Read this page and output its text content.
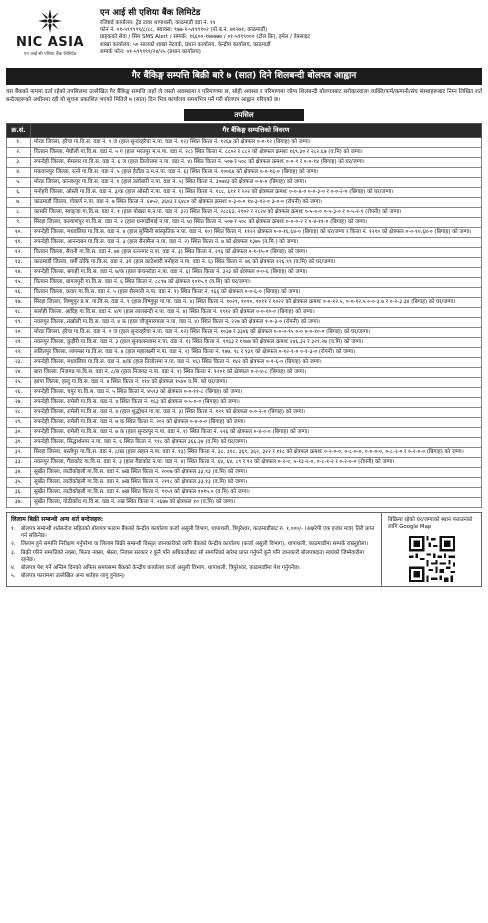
NIC ASIA
एन आई सी एशिया बैंक लिमिटेड
एन आई सी एशिया बैंक लिमिटेड
रजिष्टर्ड कार्यालय: ट्रेड टावर थापाथली, काठमाडौं वडा नं. ११
फोन नं. ०१-५९९९९९/८/८८, फ्याक्स: ९७७-१-५१९९१०२ (पो.ब.नं. ७१२७१, काठमाडौं)
ग्राहकको सेवा / सिम SMS Alert / सम्पर्क: १६६००-१७७७७७ / ०१-५११९००० (टोल फ्रि), इमेल / वेबसाइट
शाखा कार्यालय: ५० सालको शाखा नेटवर्क, प्रधान कार्यालय, केन्द्रीय कार्यालय, काठमाडौं
सम्पर्क फोन: ०१-५९९९९९/२४/२५ (प्रधान कार्यालय)
गैर बैंकिङ्ग सम्पत्ति बिक्री बारे ७ (सात) दिने शिलबन्दी बोलपत्र आह्वान

यस बैंकको नाममा दर्ता रहेको तपसिलमा उल्लेखित गैर बैंकिङ्ग सम्पत्ति जहाँ जे जस्तो अवस्थामा र परिमाणमा छ, सोही अवस्था र परिमाणमा जोग्य शिलबन्दी बोलपत्रबाट सरोकारवाला व्यक्ति/फर्म/कम्पनी/संघ संस्थाहरूबाट निम्न लिखित शर्त बन्देजहरूको अधीनमा रही यो सूचना प्रकाशित भएको मितिले ७ (सात) दिन भित्र कार्यालय समयभित्र पर्ने गरी बोलपत्र आह्वान गरिएको छ।

तपसिल
क्र.सं.	गैर बैंकिङ्ग सम्पत्तिको विवरण
१.	मोरङ जिल्ला, हरैचा गा.वि.स. वडा नं. ९ ज (हाल सुन्दरहरैचा न.पा. वडा नं. १२) स्थित कित्ता नं. १२६४ को क्षेत्रफल ०-०-१२ (बिगाह) को जग्गा।
२.	चितवन जिल्ला, मेघौली गा.वि.स. वडा नं. ५ ग (हाल भरतपुर म.न.पा. वडा नं. २८) स्थित कित्ता नं. ८८०२ र ८८२ को क्षेत्रफल क्रमशः १६९.३० र २८२.६७ (व.मि) को जग्गा।
३.	रुपन्देही जिल्ला, सेमलार गा.वि.स. वडा नं. ६ ज (हाल तिलोत्तमा न.पा. वडा नं. ४) स्थित कित्ता नं. ५०७ र ५०८ को क्षेत्रफल क्रमशः ०-०-९ र ०-०-१४ (बिगाह) को घर/जग्गा।
४.	मकवानपुर जिल्ला, रत्नो गा.वि.स. वडा नं. ५ (हाल हेटौंडा उ.म.न.पा. वडा नं. ६) स्थित कित्ता नं. १००६४ को क्षेत्रफल ०-०-१६-० (बिगाह) को जग्गा।
५.	मोरङ जिल्ला, कानकपुर गा.वि.स. वडा नं. १ (हाल उर्लाबारी न.पा. वडा नं. ५) स्थित कित्ता नं. ३०७४३ को क्षेत्रफल ०-४-० (बिगाह) को जग्गा।
६.	मनोहरी जिल्ला, ओस्ती गा.वि.स. वडा नं. ३/क (हाल ओस्ती न.पा. वडा नं. १) स्थित कित्ता नं. १८८, ६११ र २२२ को क्षेत्रफल क्रमशः ०-०-४-० ०-०-३-० र ०-०-२-० (बिगाह) को घर/जग्गा।
७.	काठमाडौं जिल्ला, गोकर्ण न.पा. वडा नं. ७ स्थित कित्ता नं. ६४५२, ३६४३ र ६४८० को क्षेत्रफल क्रमशः ०-३-०-० १४-३-१२-० ३-०-० (रोपनी) को जग्गा।
८.	कास्की जिल्ला, स्याङ्जा गा.वि.स. वडा नं. १ (हाल पोखरा म.न.पा. वडा नं. ३२) स्थित कित्ता नं. २८८६३, २९०२ र २८२४ को क्षेत्रफल क्रमशः ०-५-०-० ०-५-३-० र ०-५-२-१ (रोपनी) को जग्गा।
९.	सिरहा जिल्ला, कल्याणपुर गा.वि.स. वडा नं. २ (हाल धनगढीमाई न.पा. वडा नं. ७) स्थित कित्ता नं. ५०७ र ५०८ को क्षेत्रफल क्रमशः ०-०-०-२ र ०-४-११-० (बिगाह) को जग्गा।
१०.	रुपन्देही जिल्ला, मधवलिया गा.वि.स. वडा नं. ४ (हाल लुम्बिनी सांस्कृतिक न.पा. वडा नं. १०) स्थित कित्ता नं. ११२२ क्षेत्रफल ०-०-१६.६४-० (बिगाह) को घर/जग्गा र कित्ता नं. १२१० को क्षेत्रफल ०-०-१०.६४-० (बिगाह) को जग्गा।
११.	रुपन्देही जिल्ला, आनन्दबन गा.वि.स. वडा नं. ३ (हाल सैनामैना न.पा. वडा नं. २) स्थित कित्ता नं. ७ को क्षेत्रफल १३७५ (व.मि.) को जग्गा।
१२.	चितवन जिल्ला, सैरानी गा.वि.स. वडा नं. ७४ (हाल रत्ननगर न.पा. वडा नं. ३) स्थित कित्ता नं. २९६ को क्षेत्रफल ०-१-१५-० (बिगाह) को जग्गा।
१३.	काठमाडौं जिल्ला, धर्मी ठोकि गा.वि.स. वडा नं. ३ग (हाल काठेश्वरी मनोहरा न.पा. वडा नं. ६) स्थित कित्ता नं. ७६ को क्षेत्रफल १२६.९९ (व.मि) को घर/जग्गा।
१४.	रुपन्देही जिल्ला, बगाही गा.वि.स. वडा नं. ७/क (हाल कंचनरोडा न.पा. वडा नं. ६) स्थित कित्ता नं. ३२३ को क्षेत्रफल ०-०-६ (बिगाह) को जग्गा।
१५.	चितवन जिल्ला, बागलपुरी गा.वि.स. वडा नं. ६ स्थित कित्ता नं. ८८९७ को क्षेत्रफल १०१५.९ (व.मि) को घर/जग्गा।
१६.	चितवन जिल्ला, कवार गा.वि.स. वडा नं. ५ (हाल सैरमानी न.पा. वडा नं. १) स्थित कित्ता नं. ९६६ को क्षेत्रफल ०-०-६-० (बिगाह) को जग्गा।
१७.	सिरहा जिल्ला, विष्णुपुर प्र.म. गा.वि.स. वडा नं. ९ (हाल विष्णुपुर गा.पा. वडा नं. ४) स्थित कित्ता नं. १०२९, १०९०, १०११ र १०२२ को क्षेत्रफल क्रमशः ०-०-१२.५, ०-०-१२.५ ०-०-३.७ र ०-२-३.३४ (बिगाह) को घर/जग्गा।
१८.	सर्लाही जिल्ला, आदिह गा.वि.स. वडा नं. ४/ग (हाल लालबन्दी न.पा. वडा नं. ४) स्थित कित्ता नं. ९९१२ को क्षेत्रफल ०-०-१०-० (बिगाह) को जग्गा।
१९.	नवलपुर जिल्ला, तंखोली गा.वि.स. वडा नं. ४ क (हाल चौजुमारगाला न.पा. वडा नं. ४) स्थित कित्ता नं. २२७ को क्षेत्रफल १-०-३-० (रोपनी) को जग्गा।
२०.	मोरङ जिल्ला, हरैचा गा.वि.स. वडा नं. ९ ज (हाल सुन्दरहरैचा न.पा. वडा नं. १२) स्थित कित्ता नं. १०३७ र ३३४६ को क्षेत्रफल ०-०-०-९५ ०-० ०-०-१०-० (बिगाह) को घर/जग्गा।
२१.	नवलपुर जिल्ला, कुड़ीरी गा.वि.स. वडा नं. ३ (हाल सुनवलनवास न.पा. वडा नं. १) स्थित कित्ता नं. १९६३ र १९७७ को क्षेत्रफल क्रमशः २४६.३२ र ३२९.२७ (व.मि) को जग्गा।
२२.	ललितपुर जिल्ला, लांगम्बर गा.वि.स. वडा नं. ४ (हाल महालक्ष्मी न.पा. वडा नं. २) स्थित कित्ता नं. ९४७, ९८ र १३१ को क्षेत्रफल ०-१२-१-० ०-१-३-० (रोपनी) को जग्गा।
२३.	रुपन्देही जिल्ला, मधवलिया गा.वि.स. वडा नं. ७/क (हाल तिलोत्तमा न.पा. वडा नं. १६) स्थित कित्ता नं. १४२ को क्षेत्रफल ०-१-६-० (बिगाह) को जग्गा।
२४.	बारा जिल्ला, निजगढ गा.वि.स. वडा नं. ८/स (हाल निजगढ न.पा. वडा नं. १) स्थित कित्ता नं. १२०१ को क्षेत्रफल ०-२-४-८ (बिगाह) को जग्गा।
२५.	झापा जिल्ला, हल्दु गा.वि.स. वडा नं. ४ स्थित कित्ता नं. ९१४ को क्षेत्रफल १५४० व.मि. को घर/जग्गा।
२६.	रुपन्देही जिल्ला, चपुर गा.वि.स. वडा नं. ५ स्थित कित्ता नं. ४५९३ को क्षेत्रफल ०-०-११-८ (बिगाह) को जग्गा।
२७.	रुपन्देही जिल्ला, रामेली गा.वि.स. वडा नं. ४ स्थित कित्ता नं. १६३ को क्षेत्रफल ०-५-०-० (बिगाह) को जग्गा।
२८.	रुपन्देही जिल्ला, रामेली गा.वि.स. वडा नं. ४ (हाल शुद्धोधन गा.पा. वडा नं. ३) स्थित कित्ता नं. १२९ को क्षेत्रफल ०-०-२-० (बिगाह) को जग्गा।
२९.	रुपन्देही जिल्ला, रामेली गा.वि.स. वडा नं. ७ क स्थित कित्ता नं. २०२ को क्षेत्रफल ०-४-०-० (बिगाह) को जग्गा।
३०.	रुपन्देही जिल्ला, रामेली गा.वि.स. वडा नं. ७ क (हाल सुन्दरपुर न.पा. वडा नं. १) स्थित कित्ता नं. २२६ को क्षेत्रफल ०-४-०-० (बिगाह) को जग्गा।
३१.	रुपन्देही जिल्ला, सिद्धार्थनगर न.पा. वडा नं. ६ स्थित कित्ता नं. ९१८ को क्षेत्रफल ३६६.३४ (व.मि) को घर/जग्गा।
३२.	सिरहा जिल्ला, बस्तीपुर गा.वि.स. वडा नं. ८/ख (हाल लहान न.पा. वडा नं. १३) स्थित कित्ता नं. ३८, ३१८, ३६९, ३६२, ३२२ र ११८ को क्षेत्रफल क्रमशः ०-२-०-०, ०-८-०-०, ०-०-०-०, ०-८-२-० र ०-२-०-० (बिगाह) को जग्गा।
३३.	नवलपुर जिल्ला, गैंडाकोट गा.वि.स. वडा नं. ३ (हाल गैंडाकोट न.पा. वडा नं. ४) स्थित कित्ता नं. ६४, ६४, ८९ र ९२ को क्षेत्रफल ०-२-०, ५-१३-२-०, ०-८-१-२ र ०-२-०-० (रोपनी) को जग्गा।
३४.	सुर्खेत जिल्ला, लाटीकोइली गा.वि.स. वडा नं. ७ख स्थित कित्ता नं. २००७ को क्षेत्रफल ३३.९३ (व.मि) को जग्गा।
३५.	सुर्खेत जिल्ला, लाटीकोइली गा.वि.स. वडा नं. ७ख स्थित कित्ता नं. २११८ को क्षेत्रफल ३३.१३ (व.मि) को जग्गा।
३६.	सुर्खेत जिल्ला, लाटीकोइली गा.वि.स. वडा नं. ७ख स्थित कित्ता नं. ९९५९ को क्षेत्रफल १०१५.० (व.मि) को जग्गा।
३७.	सुर्खेत जिल्ला, गोठीकाँध गा.वि.स. वडा नं. २ख स्थित कित्ता नं. २६७७ को क्षेत्रफल १० (व.मि) को जग्गा।
लिलाम बिक्री सम्बन्धी अन्य शर्त बन्देजहरु:
१.	बोलपत्र सम्बन्धी शर्तबन्देज सहितको बोलपत्र फाराम बैंकको केन्द्रीय कार्यालय कर्जा असुली विभाग, थापाथली, त्रिपुरेश्वर, काठमाडौंबाट रु. १,०००/- (अक्षरेपी एक हजार मात्र) तिरी प्राप्त गर्न सकिनेछ।
२.	लिलाम हुने सम्पत्ति निरीक्षण गर्नुपरेमा वा लिलाम बिक्री सम्बन्धी विस्तृत जानकारीको लागि बैंकको केन्द्रीय कार्यालय (कर्जा असुली विभाग), थापाथली, काठमाडौंमा सम्पर्क राख्नुहोला।
३.	बिक्री गरिने सम्पत्तिको नक्सा, फिल्ड नक्सा, श्रेस्ता, निवास सरकार र कुनै पनि अधिकारीबाट सो सम्पत्तिको बारेमा प्राप्त गर्नुपर्ने कुनै पनि जानकारी बोलपत्रदाता स्वयंको जिम्मेवारीमा रहनेछ।
४.	बोलपत्र पेश गर्ने अन्तिम दिनको अफिस समयसम्म बैंकको केन्द्रीय कार्यालय कर्जा असुली विभाग, थापाथली, त्रिपुरेश्वर, काठमाडौंमा पेश गर्नुपर्नेछ।
५.	बोलपत्र फाराममा उल्लेखित अन्य शर्तहरु लागु हुनेछन्।
बिक्रिमा रहेको घर/जग्गाको स्थान पत्ताउनको लागि Google Map
